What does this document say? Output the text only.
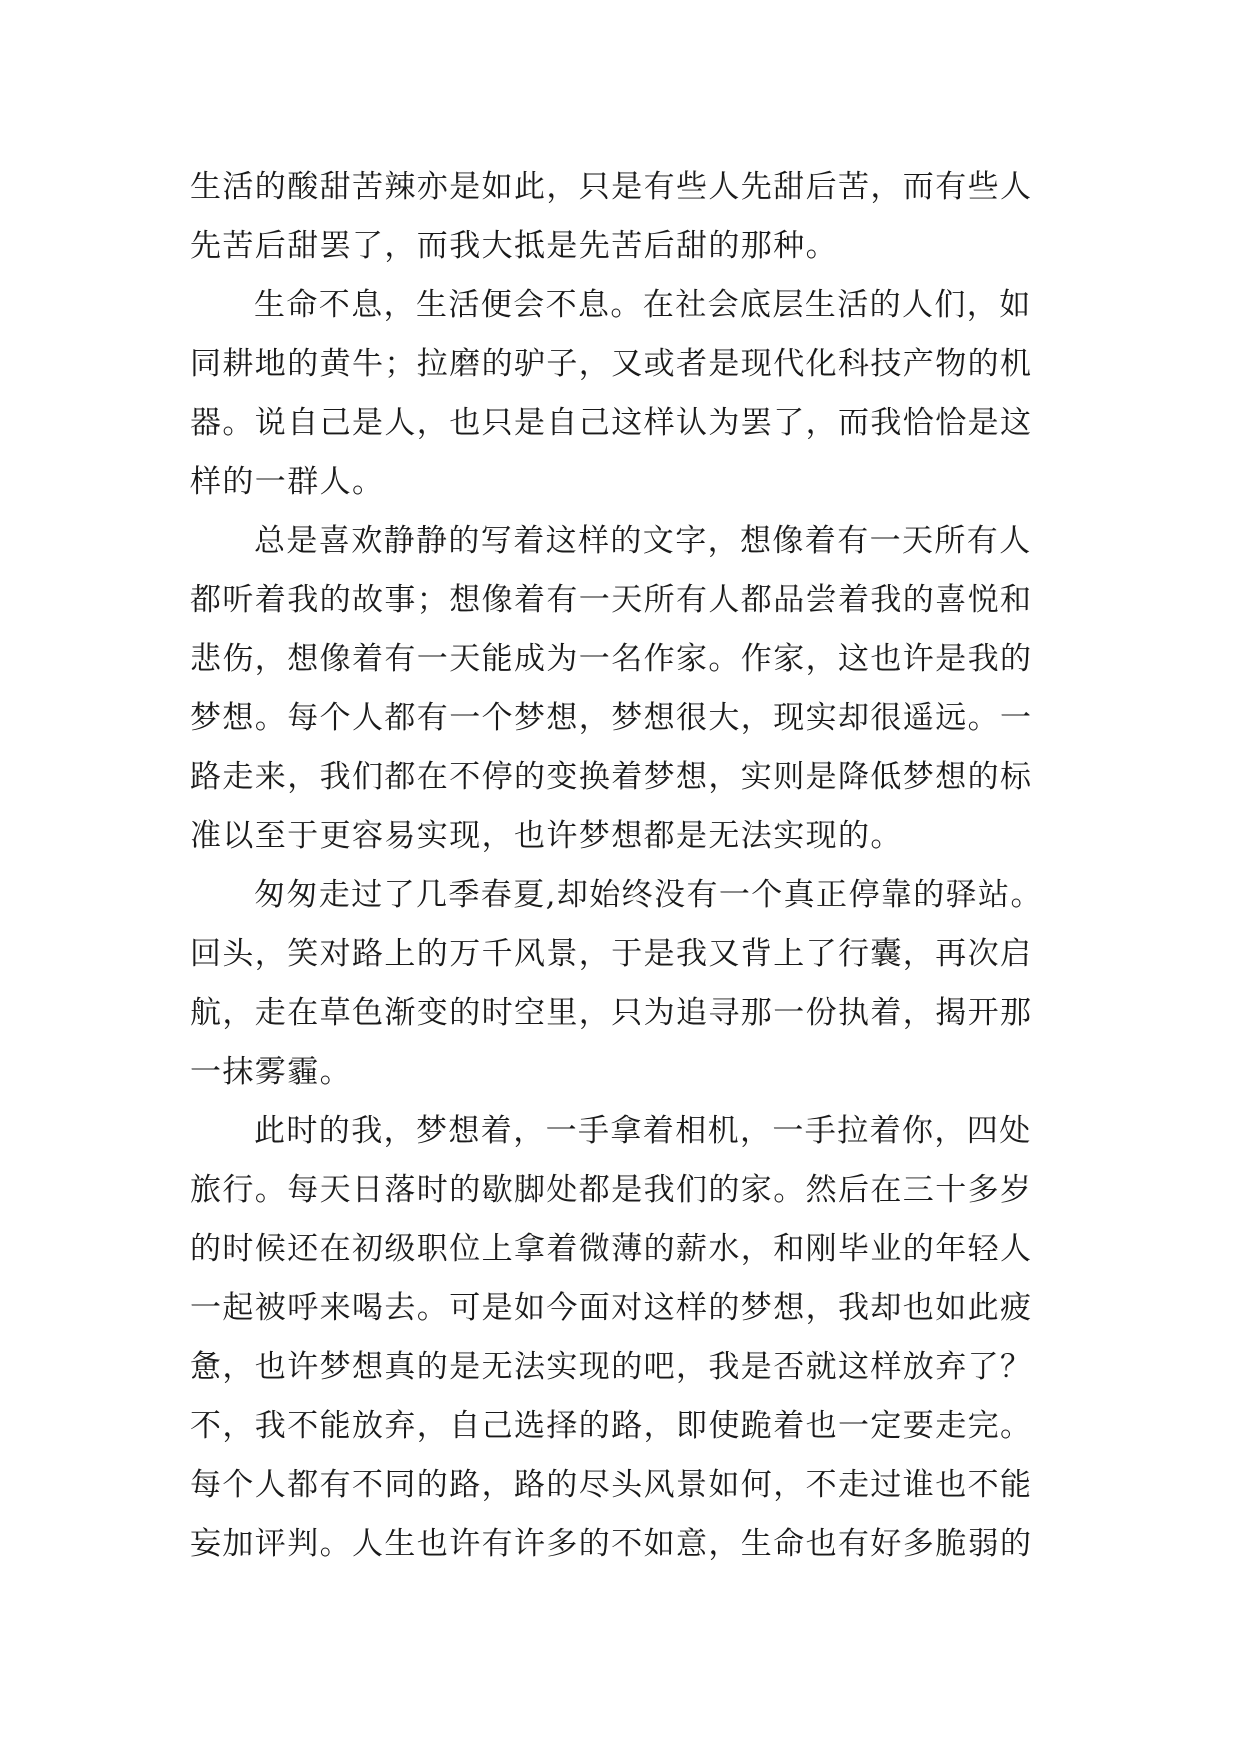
生活的酸甜苦辣亦是如此，只是有些人先甜后苦，而有些人

先苦后甜罢了，而我大抵是先苦后甜的那种。

生命不息，生活便会不息。在社会底层生活的人们，如

同耕地的黄牛；拉磨的驴子，又或者是现代化科技产物的机

器。说自己是人，也只是自己这样认为罢了，而我恰恰是这

样的一群人。

总是喜欢静静的写着这样的文字，想像着有一天所有人

都听着我的故事；想像着有一天所有人都品尝着我的喜悦和

悲伤，想像着有一天能成为一名作家。作家，这也许是我的

梦想。每个人都有一个梦想，梦想很大，现实却很遥远。一

路走来，我们都在不停的变换着梦想，实则是降低梦想的标

准以至于更容易实现，也许梦想都是无法实现的。

匆匆走过了几季春夏,却始终没有一个真正停靠的驿站。

回头，笑对路上的万千风景，于是我又背上了行囊，再次启

航，走在草色渐变的时空里，只为追寻那一份执着，揭开那

一抹雾霾。

此时的我，梦想着，一手拿着相机，一手拉着你，四处

旅行。每天日落时的歇脚处都是我们的家。然后在三十多岁

的时候还在初级职位上拿着微薄的薪水，和刚毕业的年轻人

一起被呼来喝去。可是如今面对这样的梦想，我却也如此疲

惫，也许梦想真的是无法实现的吧，我是否就这样放弃了？

不，我不能放弃，自己选择的路，即使跪着也一定要走完。

每个人都有不同的路，路的尽头风景如何，不走过谁也不能

妄加评判。人生也许有许多的不如意，生命也有好多脆弱的
